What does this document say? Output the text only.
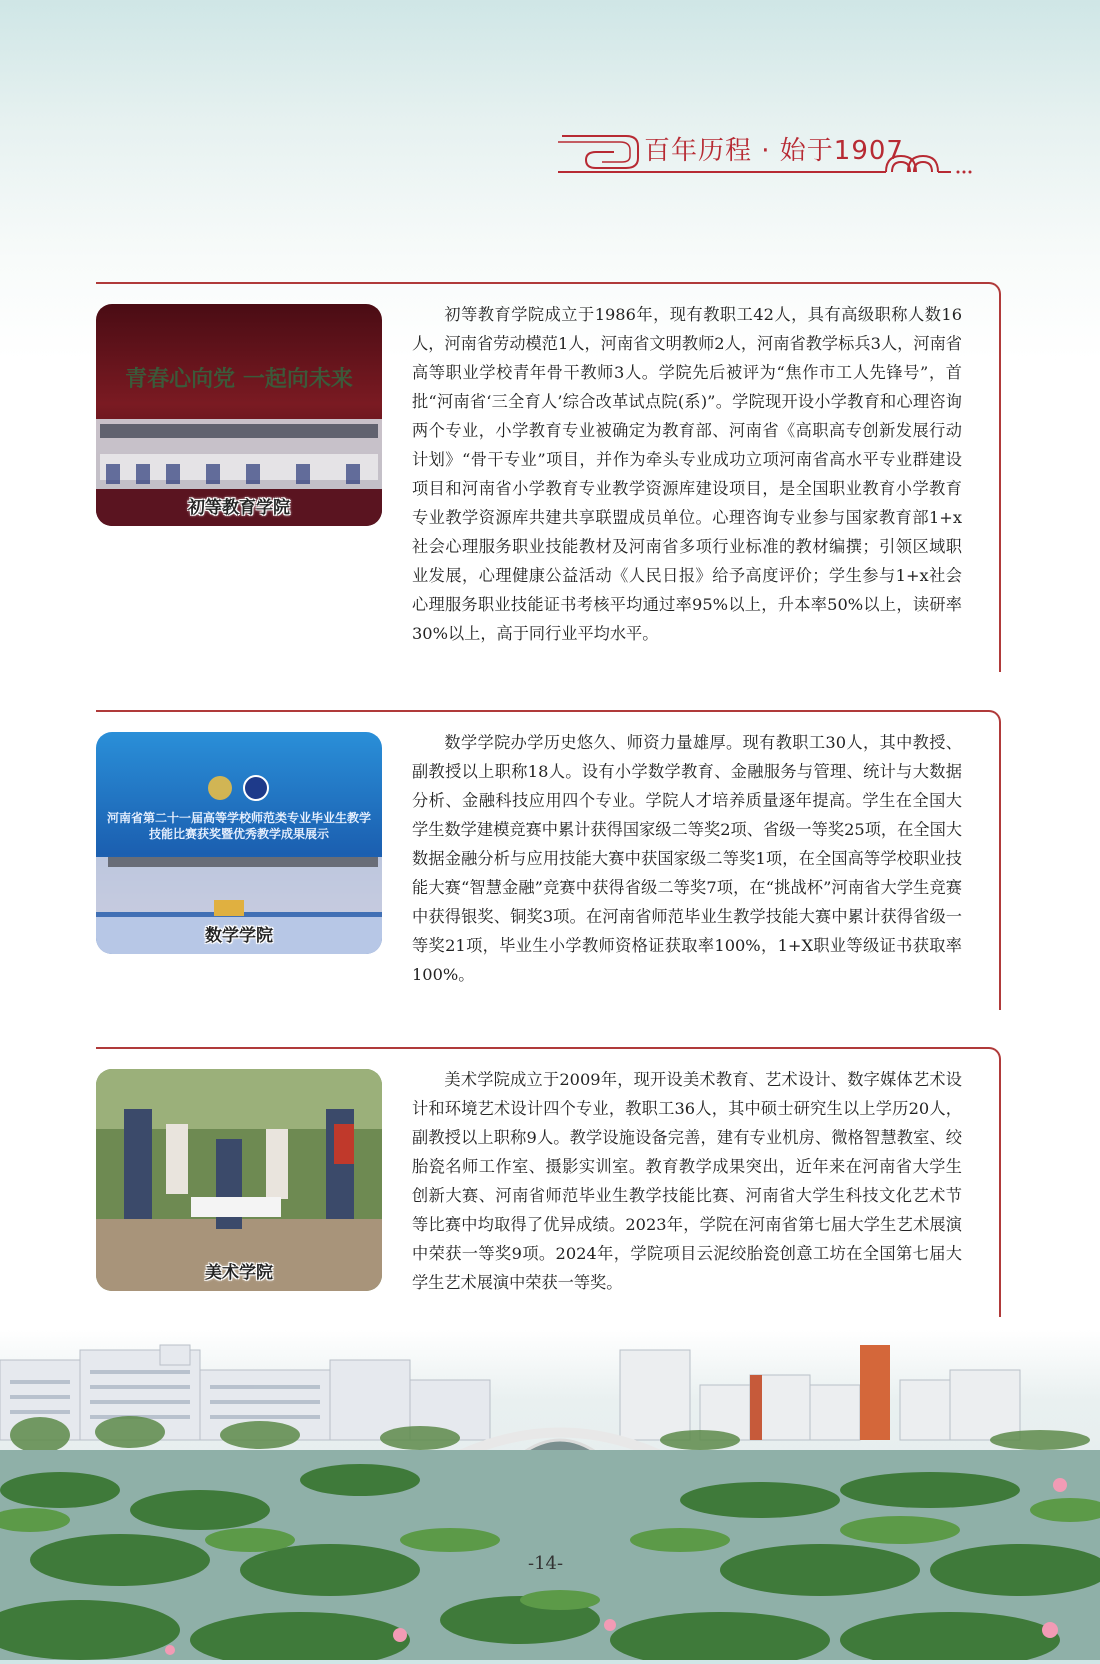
百年历程 · 始于1907
青春心向党 一起向未来
初等教育学院

初等教育学院成立于1986年，现有教职工42人，具有高级职称人数16人，河南省劳动模范1人，河南省文明教师2人，河南省教学标兵3人，河南省高等职业学校青年骨干教师3人。学院先后被评为“焦作市工人先锋号”，首批“河南省‘三全育人’综合改革试点院(系)”。学院现开设小学教育和心理咨询两个专业，小学教育专业被确定为教育部、河南省《高职高专创新发展行动计划》“骨干专业”项目，并作为牵头专业成功立项河南省高水平专业群建设项目和河南省小学教育专业教学资源库建设项目，是全国职业教育小学教育专业教学资源库共建共享联盟成员单位。心理咨询专业参与国家教育部1+x社会心理服务职业技能教材及河南省多项行业标准的教材编撰；引领区域职业发展，心理健康公益活动《人民日报》给予高度评价；学生参与1+x社会心理服务职业技能证书考核平均通过率95%以上，升本率50%以上，读研率30%以上，高于同行业平均水平。

河南省第二十一届高等学校师范类专业毕业生教学技能比赛获奖暨优秀教学成果展示
数学学院

数学学院办学历史悠久、师资力量雄厚。现有教职工30人，其中教授、副教授以上职称18人。设有小学数学教育、金融服务与管理、统计与大数据分析、金融科技应用四个专业。学院人才培养质量逐年提高。学生在全国大学生数学建模竞赛中累计获得国家级二等奖2项、省级一等奖25项，在全国大数据金融分析与应用技能大赛中获国家级二等奖1项，在全国高等学校职业技能大赛“智慧金融”竞赛中获得省级二等奖7项，在“挑战杯”河南省大学生竞赛中获得银奖、铜奖3项。在河南省师范毕业生教学技能大赛中累计获得省级一等奖21项，毕业生小学教师资格证获取率100%，1+X职业等级证书获取率100%。

美术学院

美术学院成立于2009年，现开设美术教育、艺术设计、数字媒体艺术设计和环境艺术设计四个专业，教职工36人，其中硕士研究生以上学历20人，副教授以上职称9人。教学设施设备完善，建有专业机房、微格智慧教室、绞胎瓷名师工作室、摄影实训室。教育教学成果突出，近年来在河南省大学生创新大赛、河南省师范毕业生教学技能比赛、河南省大学生科技文化艺术节等比赛中均取得了优异成绩。2023年，学院在河南省第七届大学生艺术展演中荣获一等奖9项。2024年，学院项目云泥绞胎瓷创意工坊在全国第七届大学生艺术展演中荣获一等奖。

-14-
